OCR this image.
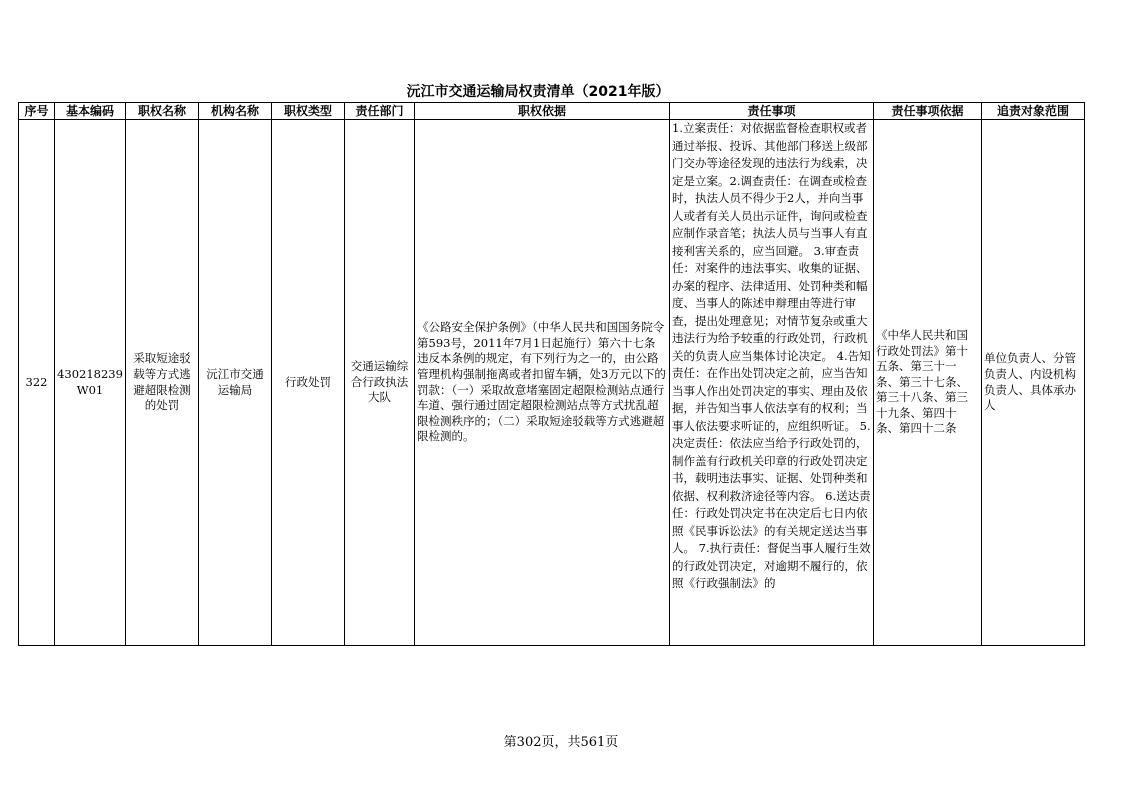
沅江市交通运输局权责清单（2021年版）
序号	基本编码	职权名称	机构名称	职权类型	责任部门	职权依据	责任事项	责任事项依据	追责对象范围
322	430218239W01	采取短途驳载等方式逃避超限检测的处罚	沅江市交通运输局	行政处罚	交通运输综合行政执法大队	《公路安全保护条例》（中华人民共和国国务院令第593号，2011年7月1日起施行）第六十七条　违反本条例的规定，有下列行为之一的，由公路管理机构强制拖离或者扣留车辆，处3万元以下的罚款：（一）采取故意堵塞固定超限检测站点通行车道、强行通过固定超限检测站点等方式扰乱超限检测秩序的；（二）采取短途驳载等方式逃避超限检测的。	1.立案责任：对依据监督检查职权或者通过举报、投诉、其他部门移送上级部门交办等途径发现的违法行为线索，决定是立案。2.调查责任：在调查或检查时，执法人员不得少于2人，并向当事人或者有关人员出示证件，询问或检查应制作录音笔；执法人员与当事人有直接利害关系的，应当回避。 3.审查责任：对案件的违法事实、收集的证据、办案的程序、法律适用、处罚种类和幅度、当事人的陈述申辩理由等进行审查，提出处理意见；对情节复杂或重大违法行为给予较重的行政处罚，行政机关的负责人应当集体讨论决定。 4.告知责任：在作出处罚决定之前，应当告知当事人作出处罚决定的事实、理由及依据，并告知当事人依法享有的权利；当事人依法要求听证的，应组织听证。 5.决定责任：依法应当给予行政处罚的，制作盖有行政机关印章的行政处罚决定书，载明违法事实、证据、处罚种类和依据、权利救济途径等内容。 6.送达责任：行政处罚决定书在决定后七日内依照《民事诉讼法》的有关规定送达当事人。 7.执行责任：督促当事人履行生效的行政处罚决定，对逾期不履行的，依照《行政强制法》的	《中华人民共和国行政处罚法》第十五条、第三十一条、第三十七条、第三十八条、第三十九条、第四十条、第四十二条	单位负责人、分管负责人、内设机构负责人、具体承办人
第302页，共561页
